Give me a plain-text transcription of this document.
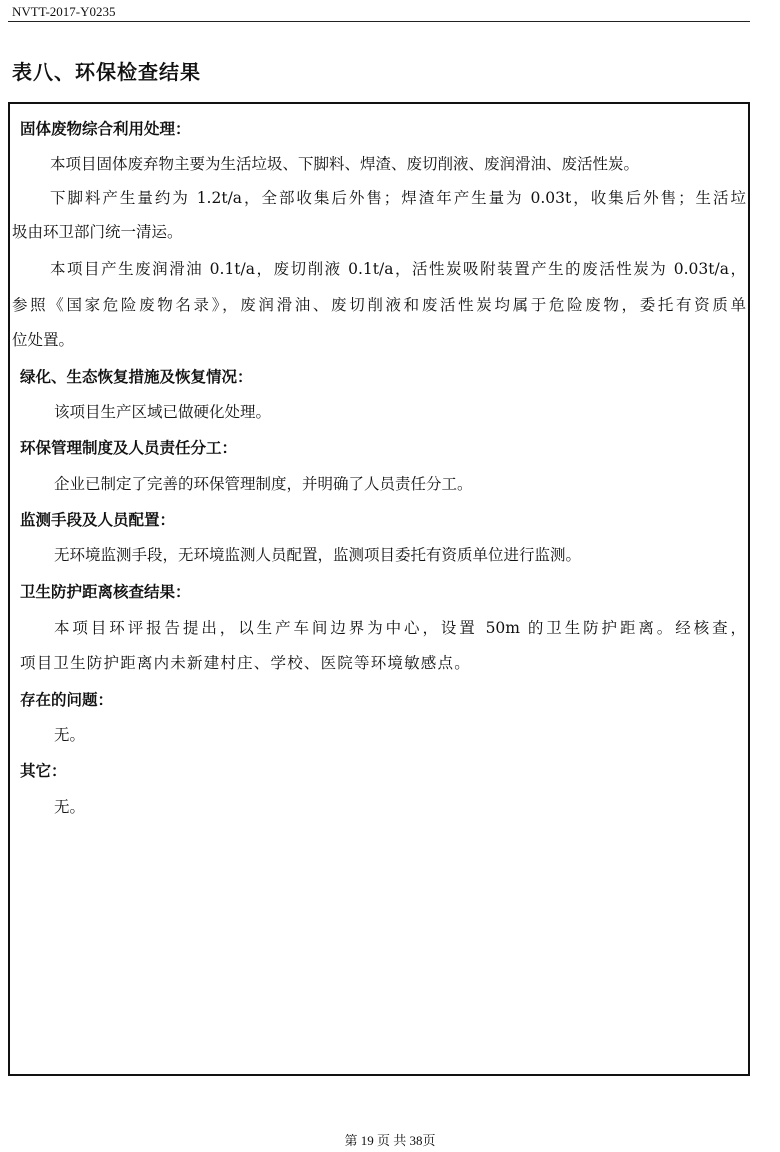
NVTT-2017-Y0235
表八、环保检查结果
固体废物综合利用处理：
本项目固体废弃物主要为生活垃圾、下脚料、焊渣、废切削液、废润滑油、废活性炭。
下脚料产生量约为 1.2t/a，全部收集后外售；焊渣年产生量为 0.03t，收集后外售；生活垃
圾由环卫部门统一清运。
本项目产生废润滑油 0.1t/a，废切削液 0.1t/a，活性炭吸附装置产生的废活性炭为 0.03t/a，
参照《国家危险废物名录》，废润滑油、废切削液和废活性炭均属于危险废物，委托有资质单
位处置。
绿化、生态恢复措施及恢复情况：
该项目生产区域已做硬化处理。
环保管理制度及人员责任分工：
企业已制定了完善的环保管理制度，并明确了人员责任分工。
监测手段及人员配置：
无环境监测手段，无环境监测人员配置，监测项目委托有资质单位进行监测。
卫生防护距离核查结果：
本项目环评报告提出，以生产车间边界为中心，设置 50m 的卫生防护距离。经核查，
项目卫生防护距离内未新建村庄、学校、医院等环境敏感点。
存在的问题：
无。
其它：
无。
第 19 页 共 38页
